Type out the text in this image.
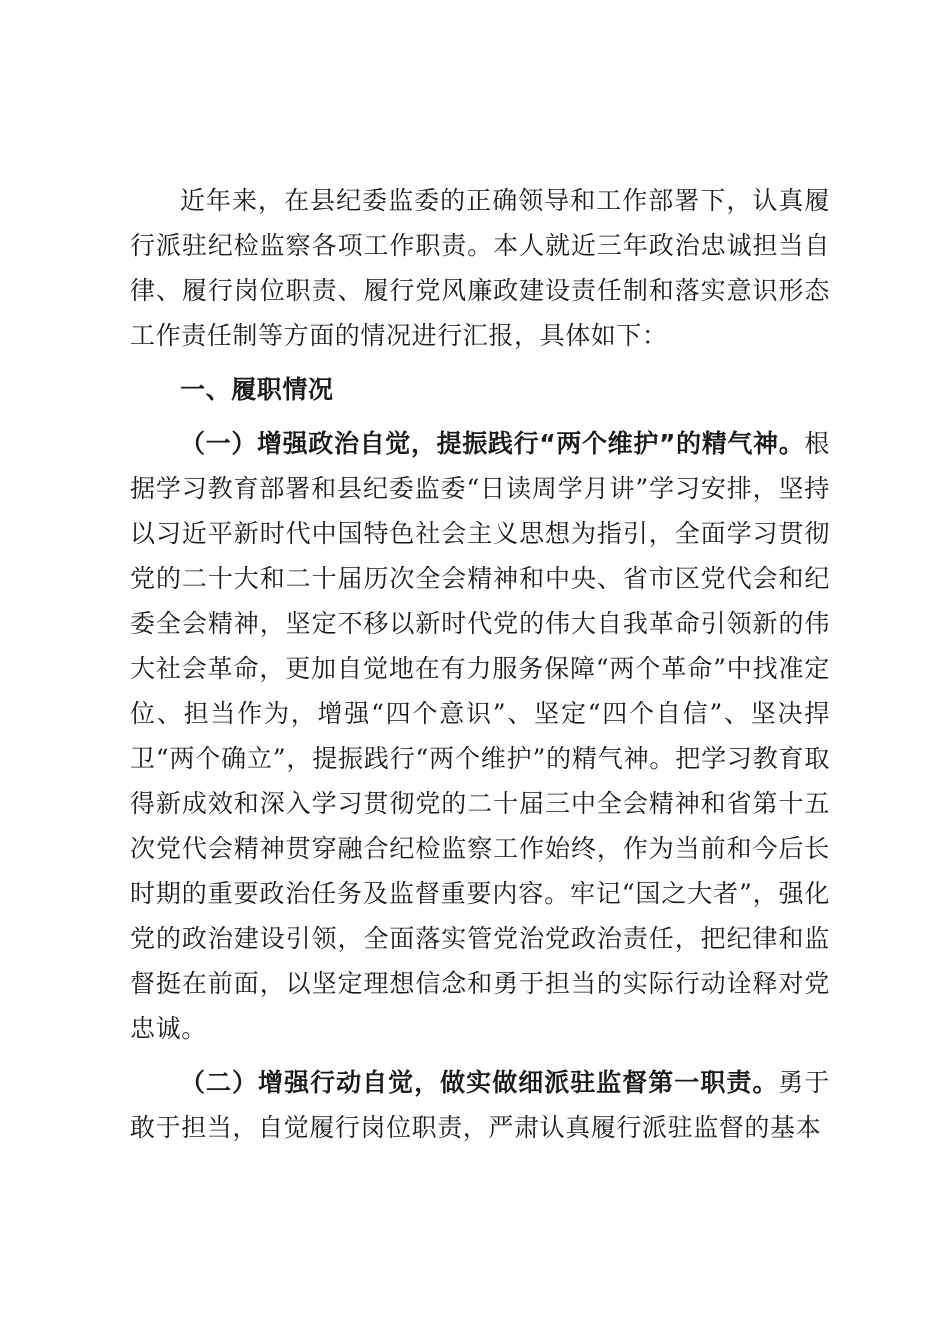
近年来，在县纪委监委的正确领导和工作部署下，认真履行派驻纪检监察各项工作职责。本人就近三年政治忠诚担当自律、履行岗位职责、履行党风廉政建设责任制和落实意识形态工作责任制等方面的情况进行汇报，具体如下：

一、履职情况

（一）增强政治自觉，提振践行“两个维护”的精气神。根据学习教育部署和县纪委监委“日读周学月讲”学习安排，坚持以习近平新时代中国特色社会主义思想为指引，全面学习贯彻党的二十大和二十届历次全会精神和中央、省市区党代会和纪委全会精神，坚定不移以新时代党的伟大自我革命引领新的伟大社会革命，更加自觉地在有力服务保障“两个革命”中找准定位、担当作为，增强“四个意识”、坚定“四个自信”、坚决捍卫“两个确立”，提振践行“两个维护”的精气神。把学习教育取得新成效和深入学习贯彻党的二十届三中全会精神和省第十五次党代会精神贯穿融合纪检监察工作始终，作为当前和今后长时期的重要政治任务及监督重要内容。牢记“国之大者”，强化党的政治建设引领，全面落实管党治党政治责任，把纪律和监督挺在前面，以坚定理想信念和勇于担当的实际行动诠释对党忠诚。

（二）增强行动自觉，做实做细派驻监督第一职责。勇于敢于担当，自觉履行岗位职责，严肃认真履行派驻监督的基本
